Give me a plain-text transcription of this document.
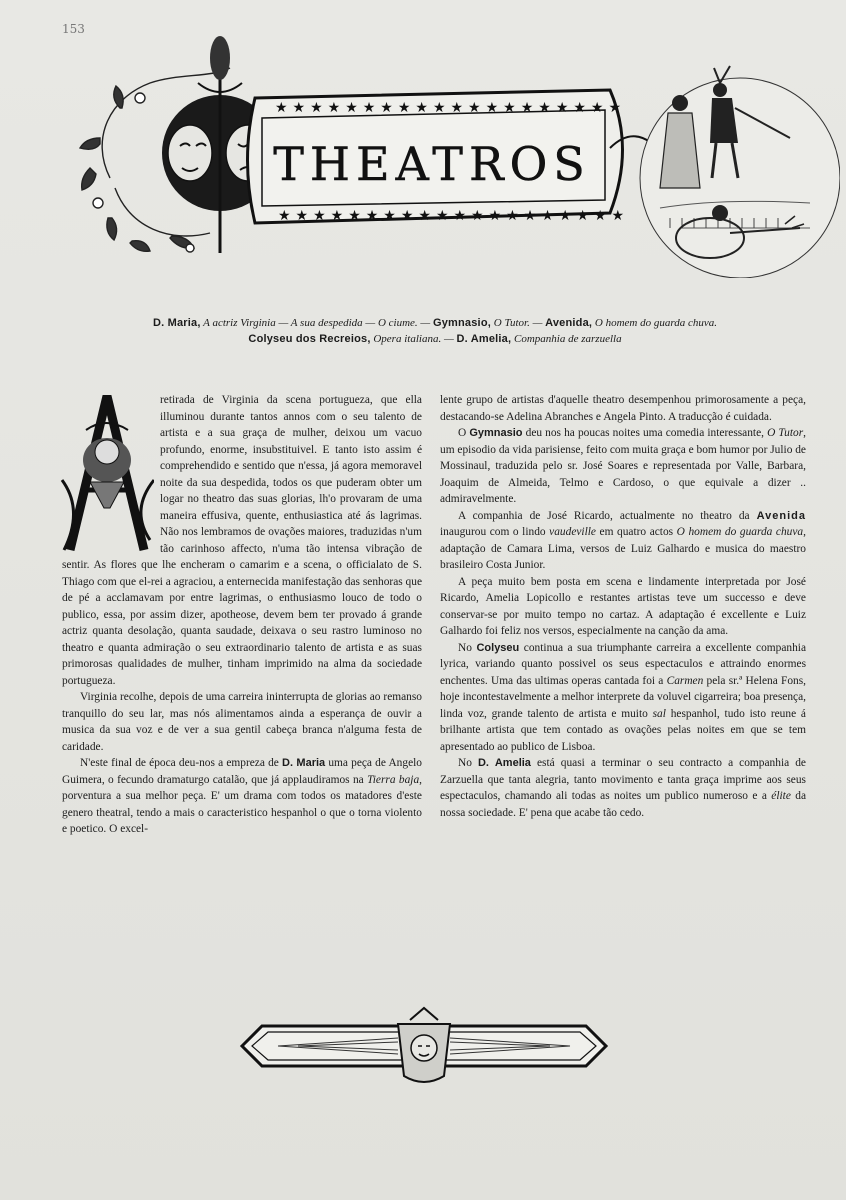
153
★★★★★★★★★★★★★★★★★★★★
★★★★★★★★★★★★★★★★★★★★
THEATROS
D. Maria, A actriz Virginia — A sua despedida — O ciume. — Gymnasio, O Tutor. — Avenida, O homem do guarda chuva.
Colyseu dos Recreios, Opera italiana. — D. Amelia, Companhia de zarzuella

retirada de Virginia da scena portugueza, que ella illuminou durante tantos annos com o seu talento de artista e a sua graça de mulher, deixou um vacuo profundo, enorme, insubstituivel. E tanto isto assim é comprehendido e sentido que n'essa, já agora memoravel noite da sua despedida, todos os que puderam obter um logar no theatro das suas glorias, lh'o provaram de uma maneira effusiva, quente, enthusiastica até ás lagrimas. Não nos lembramos de ovações maiores, traduzidas n'um tão carinhoso affecto, n'uma tão intensa vibração de sentir. As flores que lhe encheram o camarim e a scena, o officialato de S. Thiago com que el-rei a agraciou, a enternecida manifestação das senhoras que de pé a acclamavam por entre lagrimas, o enthusiasmo louco de todo o publico, essa, por assim dizer, apotheose, devem bem ter provado á grande actriz quanta desolação, quanta saudade, deixava o seu rastro luminoso no theatro e quanta admiração o seu extraordinario talento de artista e as suas primorosas qualidades de mulher, tinham imprimido na alma da sociedade portugueza.

Virginia recolhe, depois de uma carreira ininterrupta de glorias ao remanso tranquillo do seu lar, mas nós alimentamos ainda a esperança de ouvir a musica da sua voz e de ver a sua gentil cabeça branca n'alguma festa de caridade.

N'este final de época deu-nos a empreza de D. Maria uma peça de Angelo Guimera, o fecundo dramaturgo catalão, que já applaudiramos na Tierra baja, porventura a sua melhor peça. E' um drama com todos os matadores d'este genero theatral, tendo a mais o caracteristico hespanhol o que o torna violento e poetico. O excel-

lente grupo de artistas d'aquelle theatro desempenhou primorosamente a peça, destacando-se Adelina Abranches e Angela Pinto. A traducção é cuidada.

O Gymnasio deu nos ha poucas noites uma comedia interessante, O Tutor, um episodio da vida parisiense, feito com muita graça e bom humor por Julio de Mossinaul, traduzida pelo sr. José Soares e representada por Valle, Barbara, Joaquim de Almeida, Telmo e Cardoso, o que equivale a dizer .. admiravelmente.

A companhia de José Ricardo, actualmente no theatro da Avenida inaugurou com o lindo vaudeville em quatro actos O homem do guarda chuva, adaptação de Camara Lima, versos de Luiz Galhardo e musica do maestro brasileiro Costa Junior.

A peça muito bem posta em scena e lindamente interpretada por José Ricardo, Amelia Lopicollo e restantes artistas teve um successo e deve conservar-se por muito tempo no cartaz. A adaptação é excellente e Luiz Galhardo foi feliz nos versos, especialmente na canção da ama.

No Colyseu continua a sua triumphante carreira a excellente companhia lyrica, variando quanto possivel os seus espectaculos e attraindo enormes enchentes. Uma das ultimas operas cantada foi a Carmen pela sr.ª Helena Fons, hoje incontestavelmente a melhor interprete da voluvel cigarreira; boa presença, linda voz, grande talento de artista e muito sal hespanhol, tudo isto reune á brilhante artista que tem contado as ovações pelas noites em que se tem apresentado ao publico de Lisboa.

No D. Amelia está quasi a terminar o seu contracto a companhia de Zarzuella que tanta alegria, tanto movimento e tanta graça imprime aos seus espectaculos, chamando ali todas as noites um publico numeroso e a élite da nossa sociedade. E' pena que acabe tão cedo.
